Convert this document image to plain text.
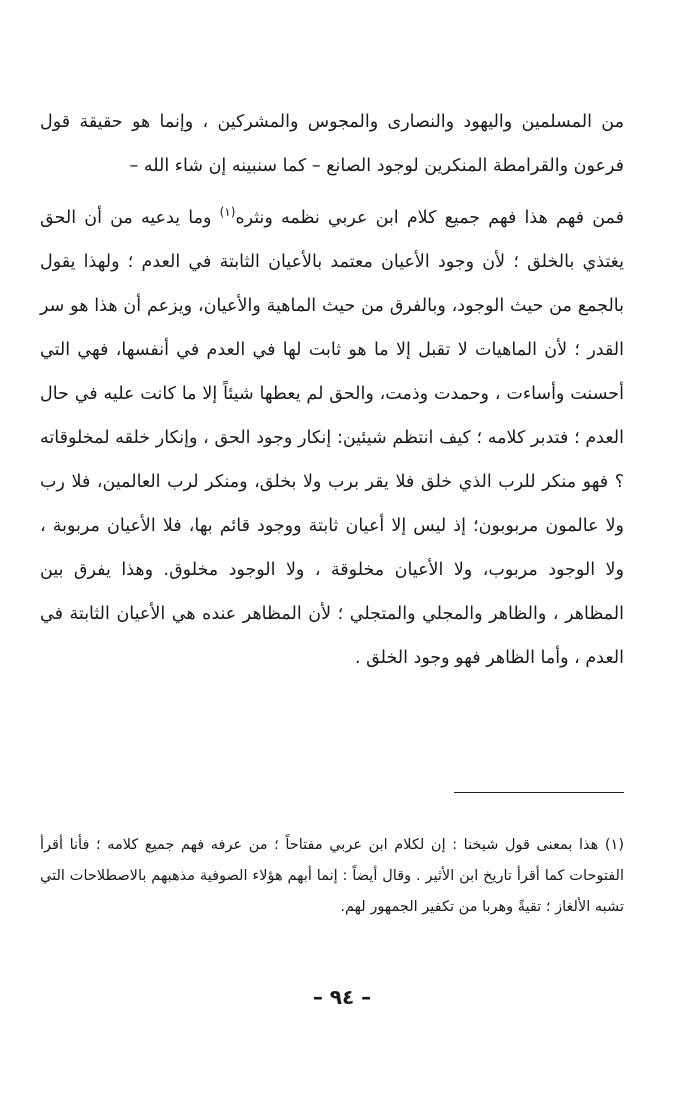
من المسلمين واليهود والنصارى والمجوس والمشركين ، وإنما هو حقيقة قول فرعون والقرامطة المنكرين لوجود الصانع – كما سنبينه إن شاء الله –

فمن فهم هذا فهم جميع كلام ابن عربي نظمه ونثره$^{(١)}$ وما يدعيه من أن الحق يغتذي بالخلق ؛ لأن وجود الأعيان معتمد بالأعيان الثابتة في العدم ؛ ولهذا يقول بالجمع من حيث الوجود، وبالفرق من حيث الماهية والأعيان، ويزعم أن هذا هو سر القدر ؛ لأن الماهيات لا تقبل إلا ما هو ثابت لها في العدم في أنفسها، فهي التي أحسنت وأساءت ، وحمدت وذمت، والحق لم يعطها شيئاً إلا ما كانت عليه في حال العدم ؛ فتدبر كلامه ؛ كيف انتظم شيئين: إنكار وجود الحق ، وإنكار خلقه لمخلوقاته ؟ فهو منكر للرب الذي خلق فلا يقر برب ولا بخلق، ومنكر لرب العالمين، فلا رب ولا عالمون مربوبون؛ إذ ليس إلا أعيان ثابتة ووجود قائم بها، فلا الأعيان مربوبة ، ولا الوجود مربوب، ولا الأعيان مخلوقة ، ولا الوجود مخلوق. وهذا يفرق بين المظاهر ، والظاهر والمجلي والمتجلي ؛ لأن المظاهر عنده هي الأعيان الثابتة في العدم ، وأما الظاهر فهو وجود الخلق .

(١) هذا بمعنى قول شيخنا : إن لكلام ابن عربي مفتاحاً ؛ من عرفه فهم جميع كلامه ؛ فأنا أقرأ الفتوحات كما أقرأ تاريخ ابن الأثير . وقال أيضاً : إنما أبهم هؤلاء الصوفية مذهبهم بالاصطلاحات التي تشبه الألغاز ؛ تقيةً وهربا من تكفير الجمهور لهم.

– ٩٤ –
